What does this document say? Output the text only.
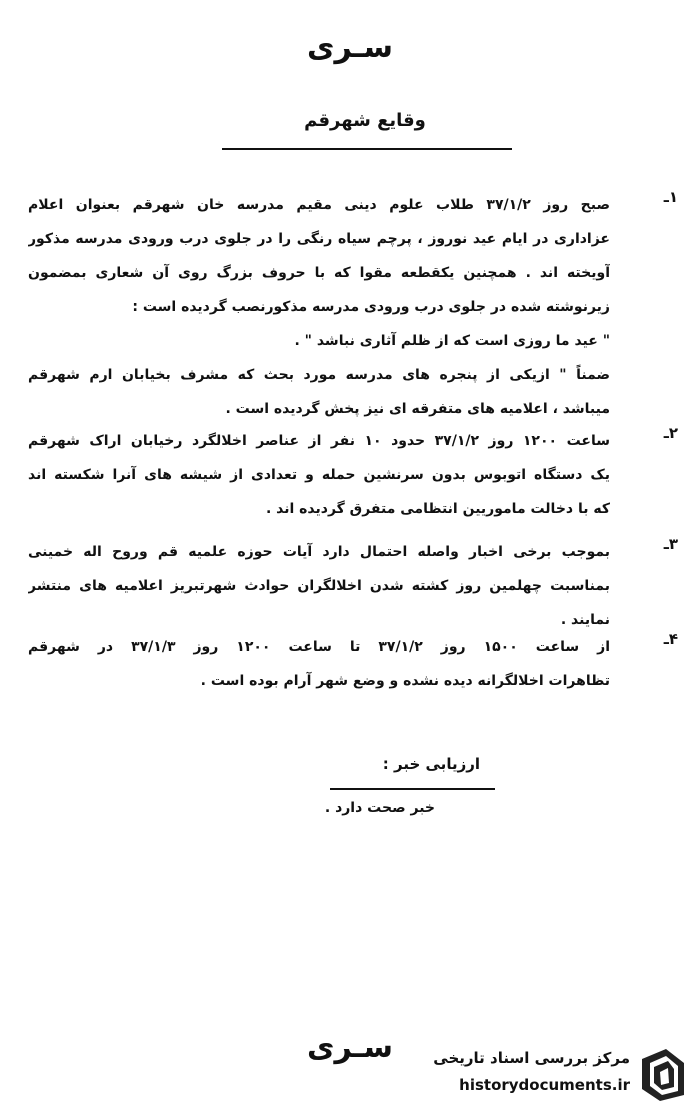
سـری
وقایع شهرقم
۱ـ
صبح روز ۳۷/۱/۲ طلاب علوم دینی مقیم مدرسه خان شهرقم بعنوان اعلام
عزاداری در ایام عید نوروز ، پرچم سیاه رنگی را در جلوی درب ورودی مدرسه مذکور
آویخته اند . همچنین یکقطعه مقوا که با حروف بزرگ روی آن شعاری بمضمون
زیرنوشته شده در جلوی درب ورودی مدرسه مذکورنصب گردیده است :
" عید ما روزی است که از ظلم آثاری نباشد " .
ضمناً " ازیکی از پنجره های مدرسه مورد بحث که مشرف بخیابان ارم شهرقم
میباشد ، اعلامیه های متفرقه ای نیز پخش گردیده است .
۲ـ
ساعت ۱۲۰۰ روز ۳۷/۱/۲ حدود ۱۰ نفر از عناصر اخلالگرد رخیابان اراک شهرقم
یک دستگاه اتوبوس بدون سرنشین حمله و تعدادی از شیشه های آنرا شکسته اند
که با دخالت ماموریین انتظامی متفرق گردیده اند .
۳ـ
بموجب برخی اخبار واصله احتمال دارد آیات حوزه علمیه قم وروح اله خمینی
بمناسبت چهلمین روز کشته شدن اخلالگران حوادث شهرتبریز اعلامیه های منتشر
نمایند .
۴ـ
از ساعت ۱۵۰۰ روز ۳۷/۱/۲ تا ساعت ۱۲۰۰ روز ۳۷/۱/۳ در شهرقم
تظاهرات اخلالگرانه دیده نشده و وضع شهر آرام بوده است .
ارزیابی خبر :
خبر صحت دارد .
سـری	مرکز بررسی اسناد تاریخی
historydocuments.ir
